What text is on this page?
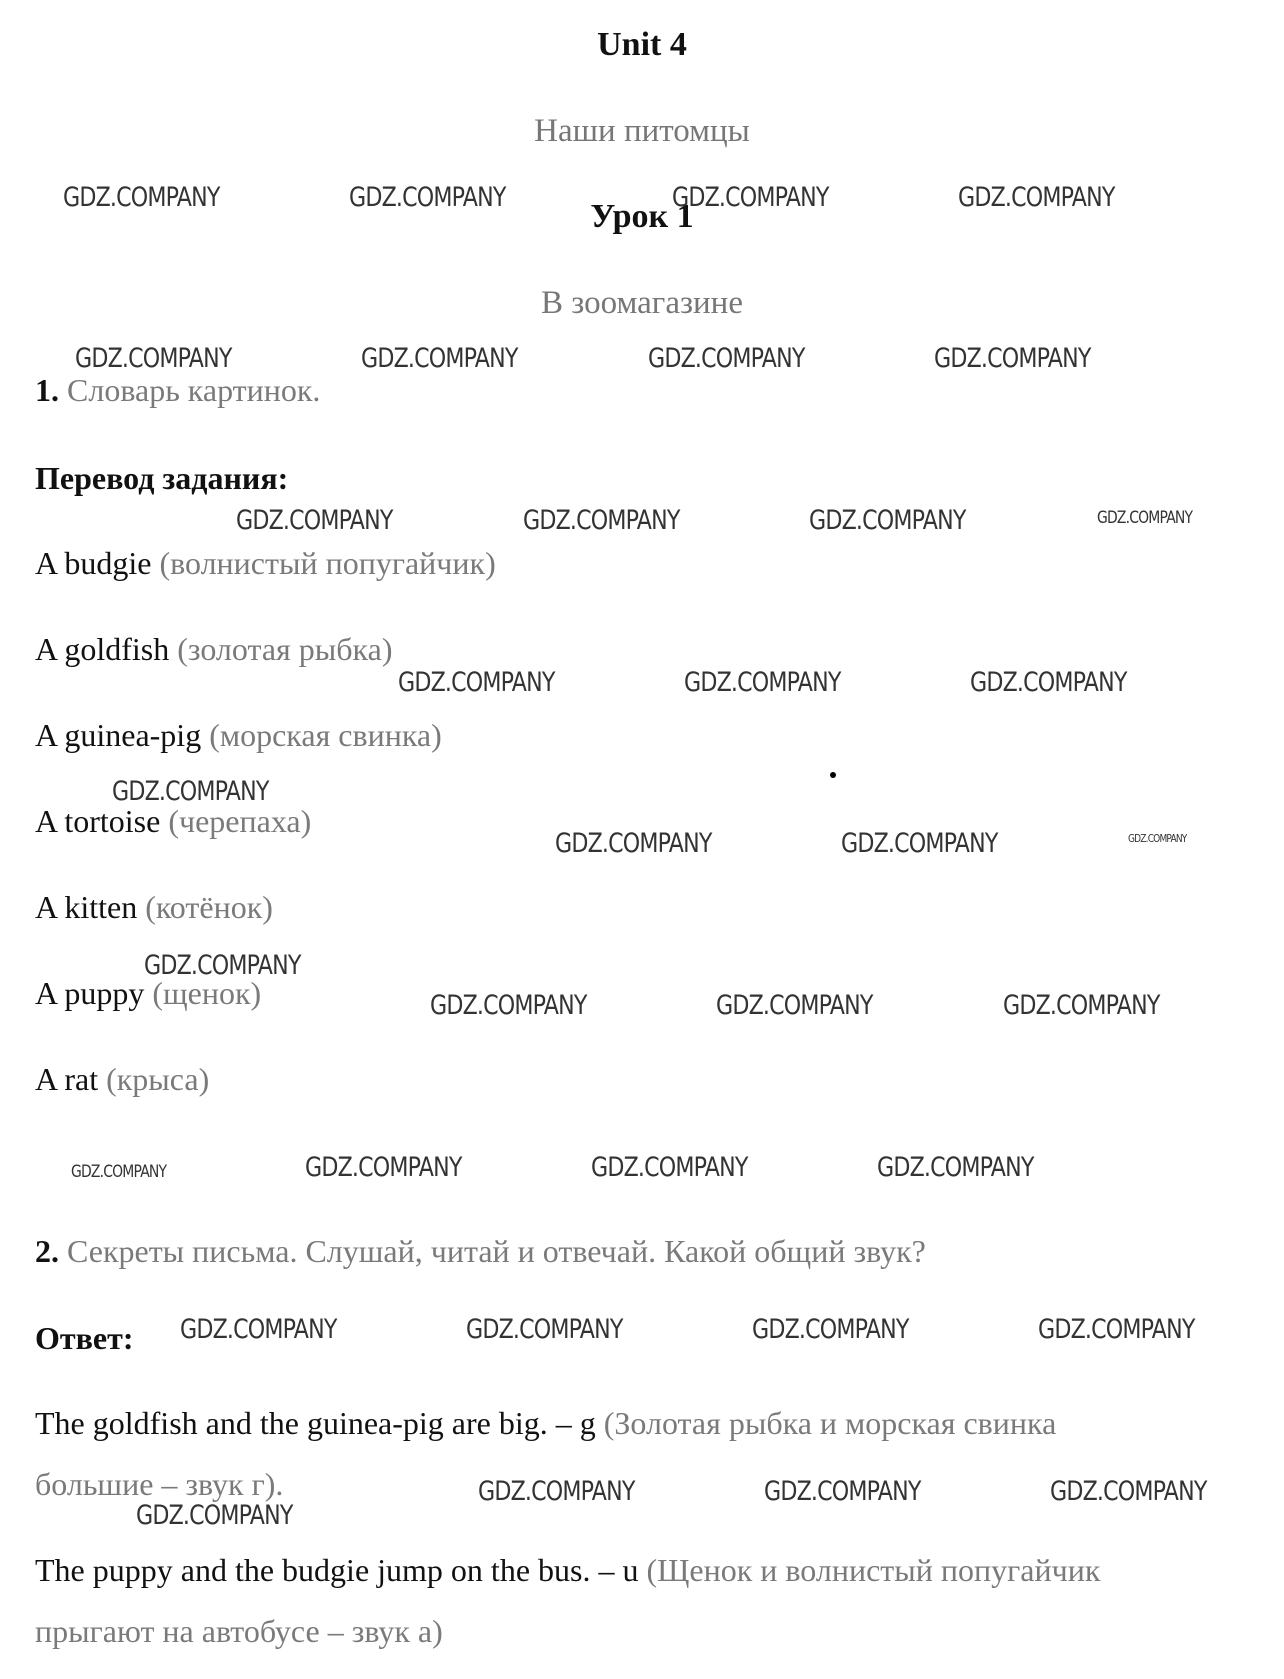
Unit 4
Наши питомцы
Урок 1
В зоомагазине
1. Словарь картинок.
Перевод задания:
A budgie (волнистый попугайчик)
A goldfish (золотая рыбка)
A guinea-pig (морская свинка)
A tortoise (черепаха)
A kitten (котёнок)
A puppy (щенок)
A rat (крыса)
2. Секреты письма. Слушай, читай и отвечай. Какой общий звук?
Ответ:
The goldfish and the guinea-pig are big. – g (Золотая рыбка и морская свинка
большие – звук г).
The puppy and the budgie jump on the bus. – u (Щенок и волнистый попугайчик
прыгают на автобусе – звук а)
GDZ.COMPANY	GDZ.COMPANY	GDZ.COMPANY	GDZ.COMPANY
GDZ.COMPANY	GDZ.COMPANY	GDZ.COMPANY	GDZ.COMPANY
GDZ.COMPANY	GDZ.COMPANY	GDZ.COMPANY	GDZ.COMPANY
GDZ.COMPANY	GDZ.COMPANY	GDZ.COMPANY
GDZ.COMPANY
GDZ.COMPANY	GDZ.COMPANY	GDZ.COMPANY
GDZ.COMPANY
GDZ.COMPANY	GDZ.COMPANY	GDZ.COMPANY
GDZ.COMPANY	GDZ.COMPANY	GDZ.COMPANY	GDZ.COMPANY
GDZ.COMPANY	GDZ.COMPANY	GDZ.COMPANY	GDZ.COMPANY
GDZ.COMPANY	GDZ.COMPANY	GDZ.COMPANY
GDZ.COMPANY
